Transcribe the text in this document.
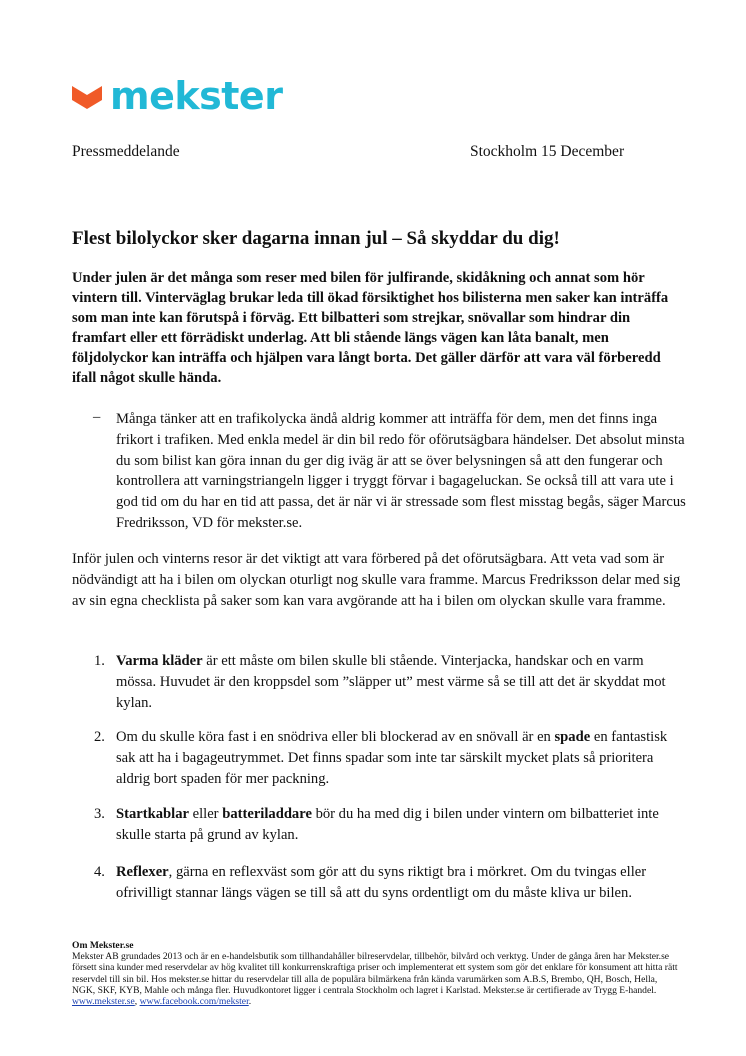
mekster
Pressmeddelande	Stockholm 15 December
Flest bilolyckor sker dagarna innan jul – Så skyddar du dig!

Under julen är det många som reser med bilen för julfirande, skidåkning och annat som hör vintern till. Vinterväglag brukar leda till ökad försiktighet hos bilisterna men saker kan inträffa som man inte kan förutspå i förväg. Ett bilbatteri som strejkar, snövallar som hindrar din framfart eller ett förrädiskt underlag. Att bli stående längs vägen kan låta banalt, men följdolyckor kan inträffa och hjälpen vara långt borta. Det gäller därför att vara väl förberedd ifall något skulle hända.

– Många tänker att en trafikolycka ändå aldrig kommer att inträffa för dem, men det finns inga frikort i trafiken. Med enkla medel är din bil redo för oförutsägbara händelser. Det absolut minsta du som bilist kan göra innan du ger dig iväg är att se över belysningen så att den fungerar och kontrollera att varningstriangeln ligger i tryggt förvar i bagageluckan. Se också till att vara ute i god tid om du har en tid att passa, det är när vi är stressade som flest misstag begås, säger Marcus Fredriksson, VD för mekster.se.

Inför julen och vinterns resor är det viktigt att vara förbered på det oförutsägbara. Att veta vad som är nödvändigt att ha i bilen om olyckan oturligt nog skulle vara framme. Marcus Fredriksson delar med sig av sin egna checklista på saker som kan vara avgörande att ha i bilen om olyckan skulle vara framme.

1. Varma kläder är ett måste om bilen skulle bli stående. Vinterjacka, handskar och en varm mössa. Huvudet är den kroppsdel som ”släpper ut” mest värme så se till att det är skyddat mot kylan.
2. Om du skulle köra fast i en snödriva eller bli blockerad av en snövall är en spade en fantastisk sak att ha i bagageutrymmet. Det finns spadar som inte tar särskilt mycket plats så prioritera aldrig bort spaden för mer packning.
3. Startkablar eller batteriladdare bör du ha med dig i bilen under vintern om bilbatteriet inte skulle starta på grund av kylan.
4. Reflexer, gärna en reflexväst som gör att du syns riktigt bra i mörkret. Om du tvingas eller ofrivilligt stannar längs vägen se till så att du syns ordentligt om du måste kliva ur bilen.
Om Mekster.se
Mekster AB grundades 2013 och är en e-handelsbutik som tillhandahåller bilreservdelar, tillbehör, bilvård och verktyg. Under de gånga åren har Mekster.se försett sina kunder med reservdelar av hög kvalitet till konkurrenskraftiga priser och implementerat ett system som gör det enklare för konsument att hitta rätt reservdel till sin bil. Hos mekster.se hittar du reservdelar till alla de populära bilmärkena från kända varumärken som A.B.S, Brembo, QH, Bosch, Hella, NGK, SKF, KYB, Mahle och många fler. Huvudkontoret ligger i centrala Stockholm och lagret i Karlstad. Mekster.se är certifierade av Trygg E-handel. www.mekster.se, www.facebook.com/mekster.
